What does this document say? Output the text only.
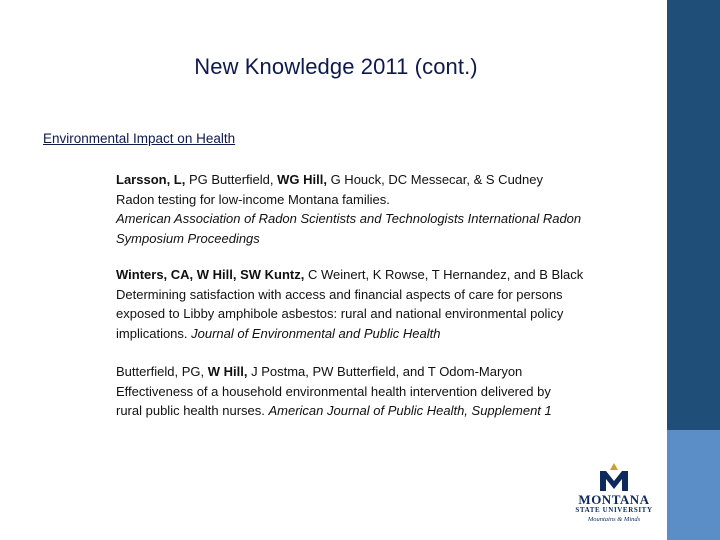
New Knowledge 2011 (cont.)
Environmental Impact on Health
Larsson, L, PG Butterfield, WG Hill, G Houck, DC Messecar, & S Cudney
Radon testing for low-income Montana families.
American Association of Radon Scientists and Technologists International Radon
Symposium Proceedings
Winters, CA, W Hill, SW Kuntz, C Weinert, K Rowse, T Hernandez, and B Black
Determining satisfaction with access and financial aspects of care for persons
exposed to Libby amphibole asbestos: rural and national environmental policy
implications. Journal of Environmental and Public Health
Butterfield, PG, W Hill, J Postma, PW Butterfield, and T Odom-Maryon
Effectiveness of a household environmental health intervention delivered by
rural public health nurses. American Journal of Public Health, Supplement 1
MONTANA
STATE UNIVERSITY
Mountains & Minds
